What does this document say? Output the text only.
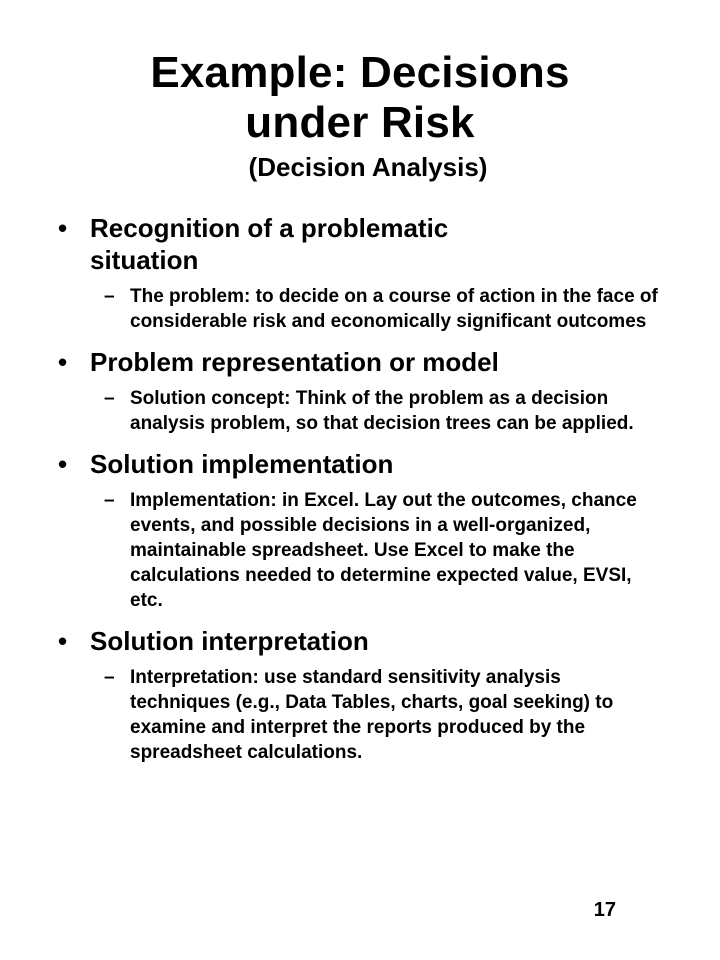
Example: Decisions
under Risk
(Decision Analysis)
• Recognition of a problematic
situation
– The problem: to decide on a course of action in the face of considerable risk and economically significant outcomes
• Problem representation or model
– Solution concept: Think of the problem as a decision analysis problem, so that decision trees can be applied.
• Solution implementation
– Implementation: in Excel. Lay out the outcomes, chance events, and possible decisions in a well-organized, maintainable spreadsheet. Use Excel to make the calculations needed to determine expected value, EVSI, etc.
• Solution interpretation
– Interpretation: use standard sensitivity analysis techniques (e.g., Data Tables, charts, goal seeking) to examine and interpret the reports produced by the spreadsheet calculations.
17
